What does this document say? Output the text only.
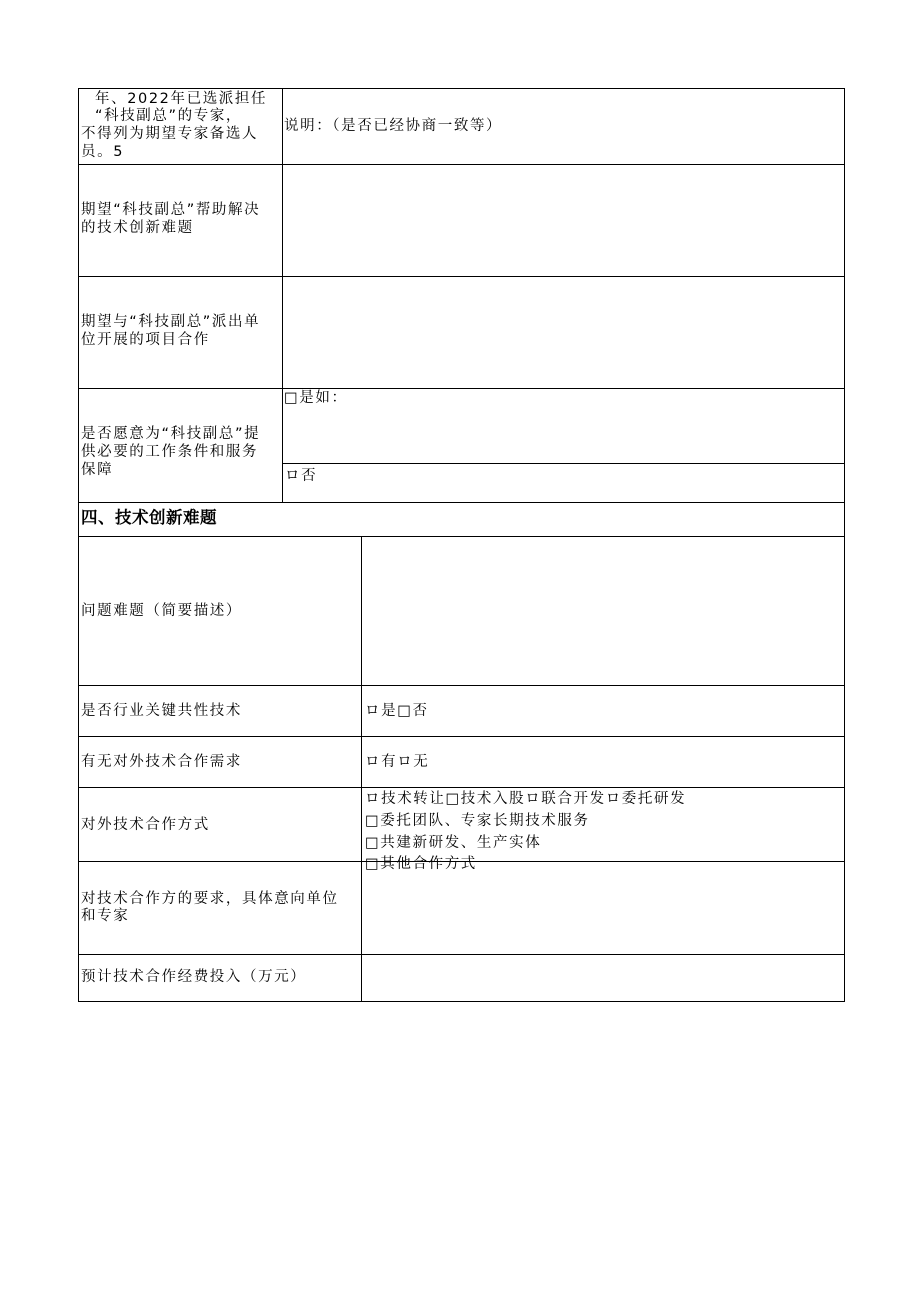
年、2022年已选派担任
“科技副总”的专家，
不得列为期望专家备选人
员。5
说明：（是否已经协商一致等）
期望“科技副总”帮助解决
的技术创新难题
期望与“科技副总”派出单
位开展的项目合作
是否愿意为“科技副总”提
供必要的工作条件和服务
保障
□是如：
ロ否
四、技术创新难题
问题难题（简要描述）
是否行业关键共性技术	ロ是□否
有无对外技术合作需求	ロ有ロ无
对外技术合作方式
ロ技术转让□技术入股ロ联合开发ロ委托研发
□委托团队、专家长期技术服务
□共建新研发、生产实体
□其他合作方式
对技术合作方的要求，具体意向单位
和专家
预计技术合作经费投入（万元）
